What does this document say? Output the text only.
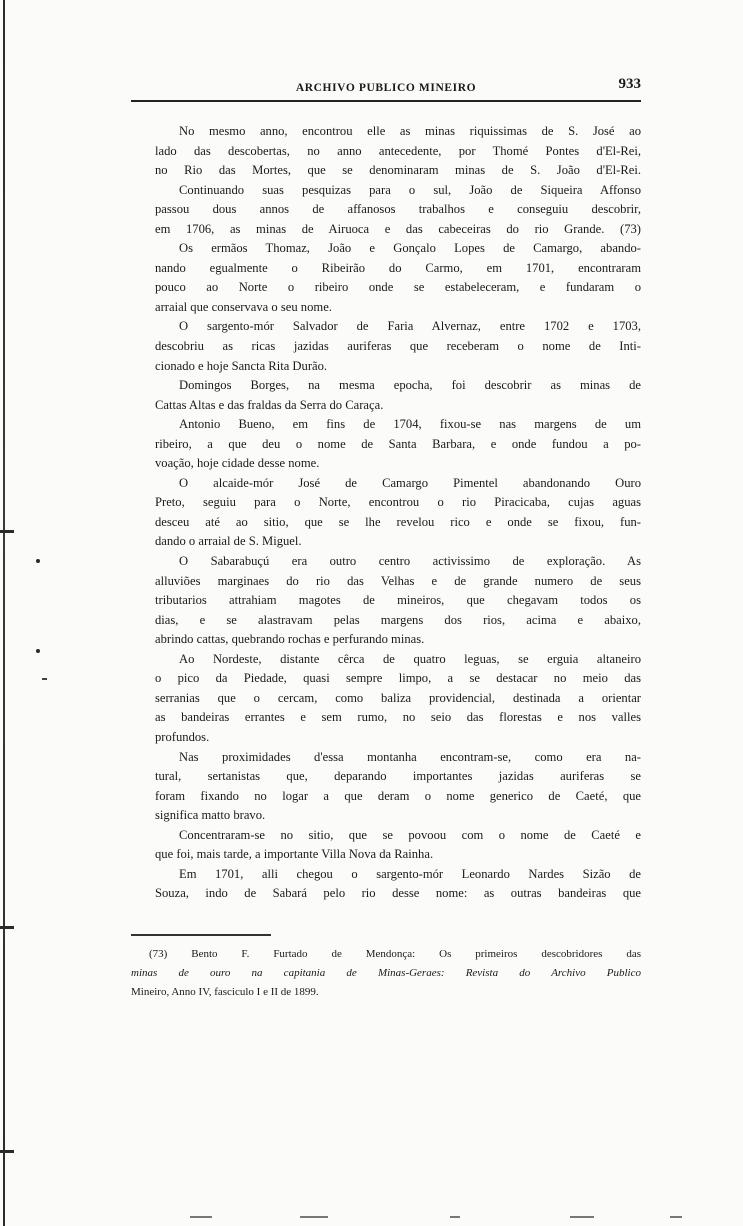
ARCHIVO PUBLICO MINEIRO	933
No mesmo anno, encontrou elle as minas riquissimas de S. José ao
lado das descobertas, no anno antecedente, por Thomé Pontes d'El-Rei,
no Rio das Mortes, que se denominaram minas de S. João d'El-Rei.
Continuando suas pesquizas para o sul, João de Siqueira Affonso
passou dous annos de affanosos trabalhos e conseguiu descobrir,
em 1706, as minas de Airuoca e das cabeceiras do rio Grande. (73)
Os ermãos Thomaz, João e Gonçalo Lopes de Camargo, abando-
nando egualmente o Ribeirão do Carmo, em 1701, encontraram
pouco ao Norte o ribeiro onde se estabeleceram, e fundaram o
arraial que conservava o seu nome.
O sargento-mór Salvador de Faria Alvernaz, entre 1702 e 1703,
descobriu as ricas jazidas auriferas que receberam o nome de Inti-
cionado e hoje Sancta Rita Durão.
Domingos Borges, na mesma epocha, foi descobrir as minas de
Cattas Altas e das fraldas da Serra do Caraça.
Antonio Bueno, em fins de 1704, fixou-se nas margens de um
ribeiro, a que deu o nome de Santa Barbara, e onde fundou a po-
voação, hoje cidade desse nome.
O alcaide-mór José de Camargo Pimentel abandonando Ouro
Preto, seguiu para o Norte, encontrou o rio Piracicaba, cujas aguas
desceu até ao sitio, que se lhe revelou rico e onde se fixou, fun-
dando o arraial de S. Miguel.
O Sabarabuçú era outro centro activissimo de exploração. As
alluviões marginaes do rio das Velhas e de grande numero de seus
tributarios attrahiam magotes de mineiros, que chegavam todos os
dias, e se alastravam pelas margens dos rios, acima e abaixo,
abrindo cattas, quebrando rochas e perfurando minas.
Ao Nordeste, distante cêrca de quatro leguas, se erguia altaneiro
o pico da Piedade, quasi sempre limpo, a se destacar no meio das
serranias que o cercam, como baliza providencial, destinada a orientar
as bandeiras errantes e sem rumo, no seio das florestas e nos valles
profundos.
Nas proximidades d'essa montanha encontram-se, como era na-
tural, sertanistas que, deparando importantes jazidas auriferas se
foram fixando no logar a que deram o nome generico de Caeté, que
significa matto bravo.
Concentraram-se no sitio, que se povoou com o nome de Caeté e
que foi, mais tarde, a importante Villa Nova da Rainha.
Em 1701, alli chegou o sargento-mór Leonardo Nardes Sizão de
Souza, indo de Sabará pelo rio desse nome: as outras bandeiras que
(73) Bento F. Furtado de Mendonça: Os primeiros descobridores das
minas de ouro na capitania de Minas-Geraes: Revista do Archivo Publico
Mineiro, Anno IV, fasciculo I e II de 1899.
